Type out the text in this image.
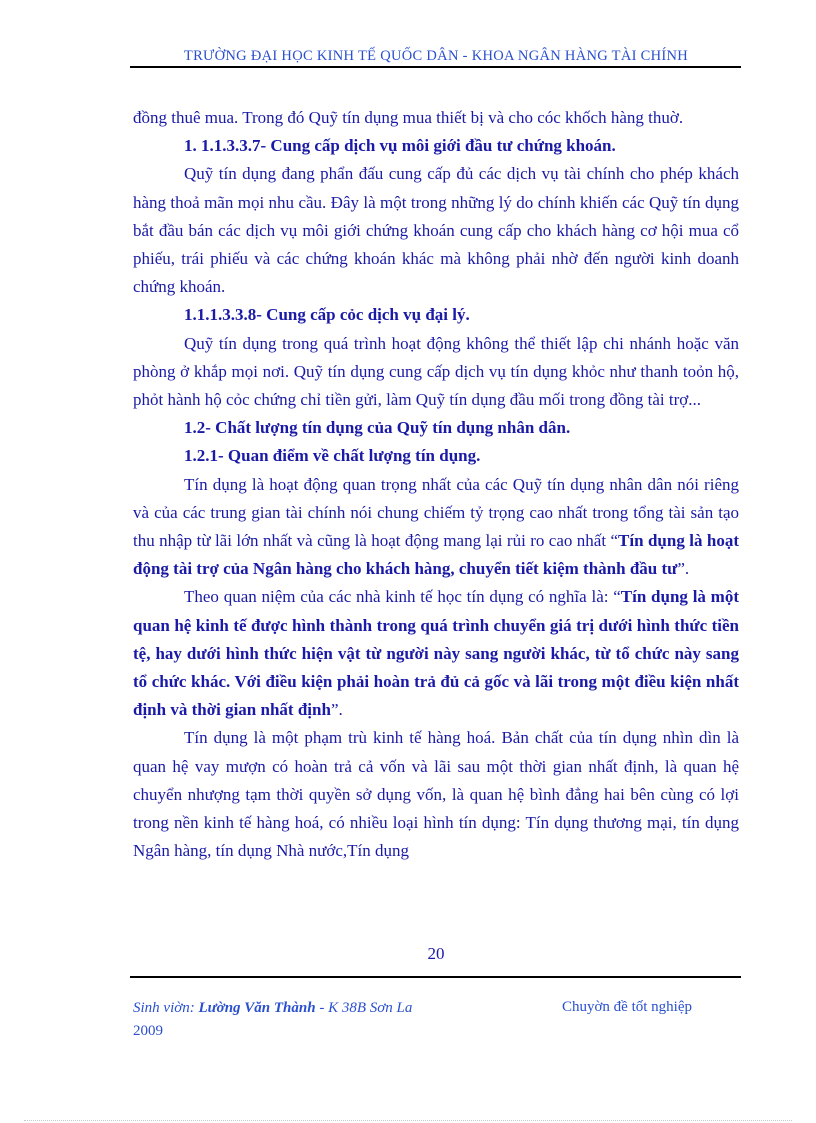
TRƯỜNG ĐẠI HỌC KINH TẾ QUỐC DÂN - KHOA NGÂN HÀNG TÀI CHÍNH

đồng thuê mua. Trong đó Quỹ tín dụng mua thiết bị và cho cóc khốch hàng thuờ.

1. 1.1.3.3.7- Cung cấp dịch vụ môi giới đầu tư chứng khoán.

Quỹ tín dụng đang phẩn đấu cung cấp đủ các dịch vụ tài chính cho phép khách hàng thoả mãn mọi nhu cầu. Đây là một trong những lý do chính khiến các Quỹ tín dụng bắt đầu bán các dịch vụ môi giới chứng khoán cung cấp cho khách hàng cơ hội mua cổ phiếu, trái phiếu và các chứng khoán khác mà không phải nhờ đến người kinh doanh chứng khoán.

1.1.1.3.3.8- Cung cấp cỏc dịch vụ đại lý.

Quỹ tín dụng trong quá trình hoạt động không thể thiết lập chi nhánh hoặc văn phòng ở khắp mọi nơi. Quỹ tín dụng cung cấp dịch vụ tín dụng khỏc như thanh toỏn hộ, phỏt hành hộ cỏc chứng chỉ tiền gửi, làm Quỹ tín dụng đầu mối trong đồng tài trợ...

1.2- Chất lượng tín dụng của Quỹ tín dụng nhân dân.

1.2.1- Quan điểm về chất lượng tín dụng.

Tín dụng là hoạt động quan trọng nhất của các Quỹ tín dụng nhân dân nói riêng và của các trung gian tài chính nói chung chiếm tỷ trọng cao nhất trong tổng tài sản tạo thu nhập từ lãi lớn nhất và cũng là hoạt động mang lại rủi ro cao nhất “Tín dụng là hoạt động tài trợ của Ngân hàng cho khách hàng, chuyển tiết kiệm thành đầu tư”.

Theo quan niệm của các nhà kinh tế học tín dụng có nghĩa là: “Tín dụng là một quan hệ kinh tế được hình thành trong quá trình chuyển giá trị dưới hình thức tiền tệ, hay dưới hình thức hiện vật từ người này sang người khác, từ tổ chức này sang tổ chức khác. Với điều kiện phải hoàn trả đủ cả gốc và lãi trong một điều kiện nhất định và thời gian nhất định”.

Tín dụng là một phạm trù kinh tế hàng hoá. Bản chất của tín dụng nhìn dìn là quan hệ vay mượn có hoàn trả cả vốn và lãi sau một thời gian nhất định, là quan hệ chuyển nhượng tạm thời quyền sở dụng vốn, là quan hệ bình đẳng hai bên cùng có lợi trong nền kinh tế hàng hoá, có nhiều loại hình tín dụng: Tín dụng thương mại, tín dụng Ngân hàng, tín dụng Nhà nước,Tín dụng

20
Sinh viờn: Lường Văn Thành - K 38B Sơn La
2009
Chuyờn đề tốt nghiệp
